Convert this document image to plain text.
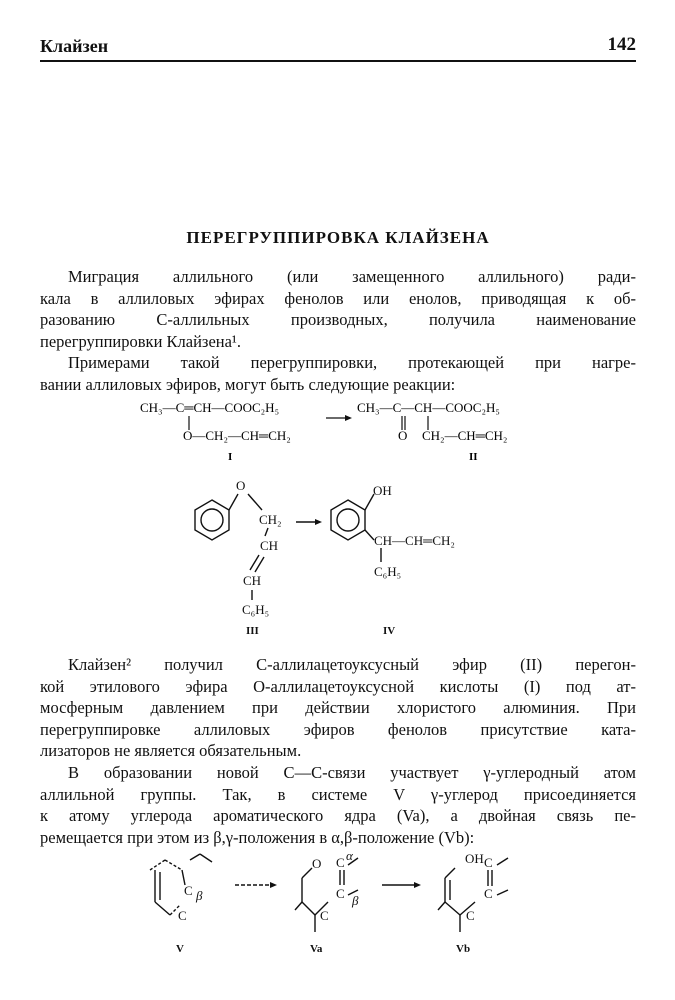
Клайзен	142
ПЕРЕГРУППИРОВКА КЛАЙЗЕНА

Миграция аллильного (или замещенного аллильного) ради-
кала в аллиловых эфирах фенолов или енолов, приводящая к об-
разованию С-аллильных производных, получила наименование
перегруппировки Клайзена¹.

Примерами такой перегруппировки, протекающей при нагре-
вании аллиловых эфиров, могут быть следующие реакции:

CH₃—C═CH—COOC₂H₅
O—CH₂—CH═CH₂
I
CH₃—C—CH—COOC₂H₅
O CH₂—CH═CH₂
II
O
CH₂
CH
CH
C₆H₅
III
OH
CH—CH═CH₂
C₆H₅
IV

Клайзен² получил С-аллилацетоуксусный эфир (II) перегон-
кой этилового эфира О-аллилацетоуксусной кислоты (I) под ат-
мосферным давлением при действии хлористого алюминия. При
перегруппировке аллиловых эфиров фенолов присутствие ката-
лизаторов не является обязательным.

В образовании новой С—С-связи участвует γ-углеродный атом
аллильной группы. Так, в системе V γ-углерод присоединяется
к атому углерода ароматического ядра (Va), а двойная связь пе-
ремещается при этом из β,γ-положения в α,β-положение (Vb):

C β
C
O
α
C
C β
C
OH C
C
C
V	Va	Vb
